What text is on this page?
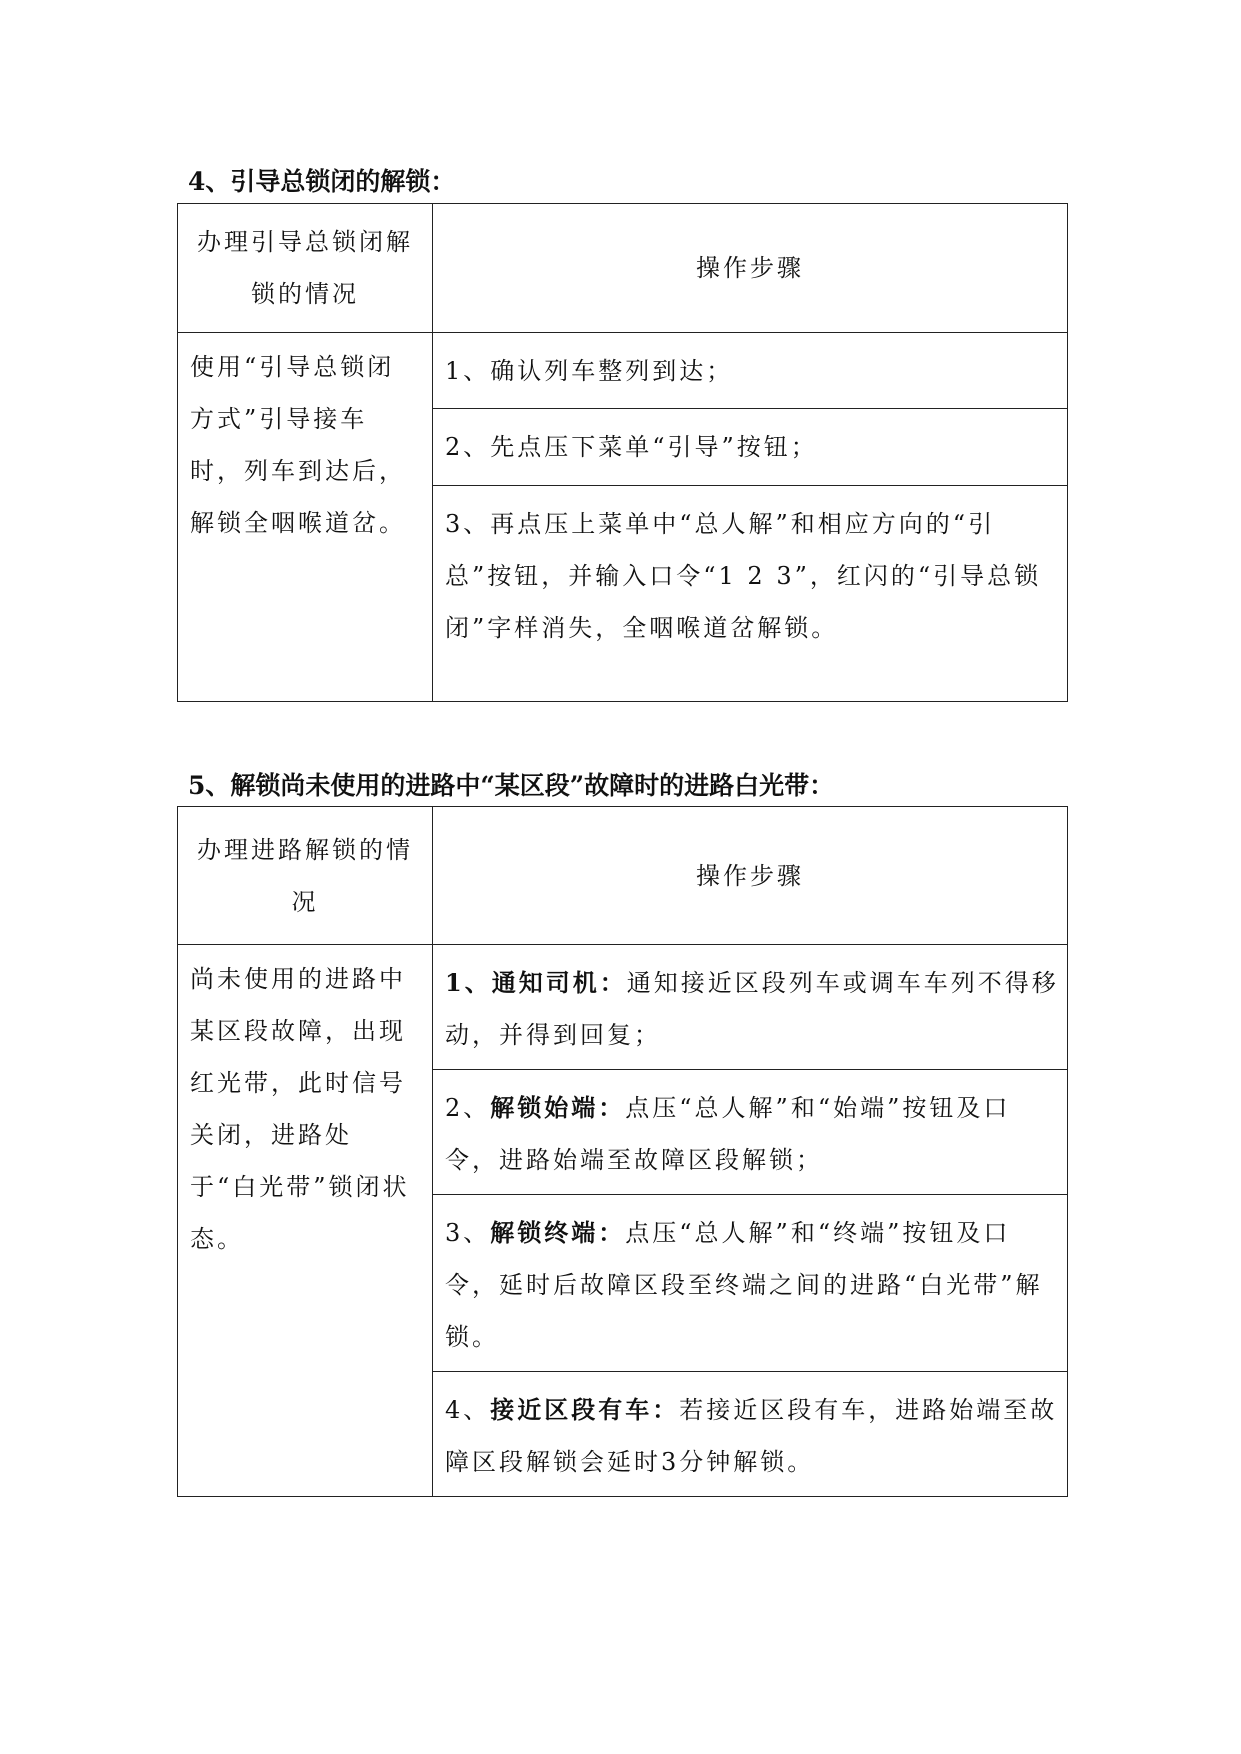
4、引导总锁闭的解锁：
办理引导总锁闭解锁的情况	操作步骤
使用“引导总锁闭方式”引导接车时，列车到达后，解锁全咽喉道岔。	1、确认列车整列到达；
	2、先点压下菜单“引导”按钮；
	3、再点压上菜单中“总人解”和相应方向的“引总”按钮，并输入口令“1 2 3”，红闪的“引导总锁闭”字样消失，全咽喉道岔解锁。
5、解锁尚未使用的进路中“某区段”故障时的进路白光带：
办理进路解锁的情况	操作步骤
尚未使用的进路中某区段故障，出现红光带，此时信号关闭，进路处于“白光带”锁闭状态。	1、通知司机：通知接近区段列车或调车车列不得移动，并得到回复；
	2、解锁始端：点压“总人解”和“始端”按钮及口令，进路始端至故障区段解锁；
	3、解锁终端：点压“总人解”和“终端”按钮及口令，延时后故障区段至终端之间的进路“白光带”解锁。
	4、接近区段有车：若接近区段有车，进路始端至故障区段解锁会延时3分钟解锁。
